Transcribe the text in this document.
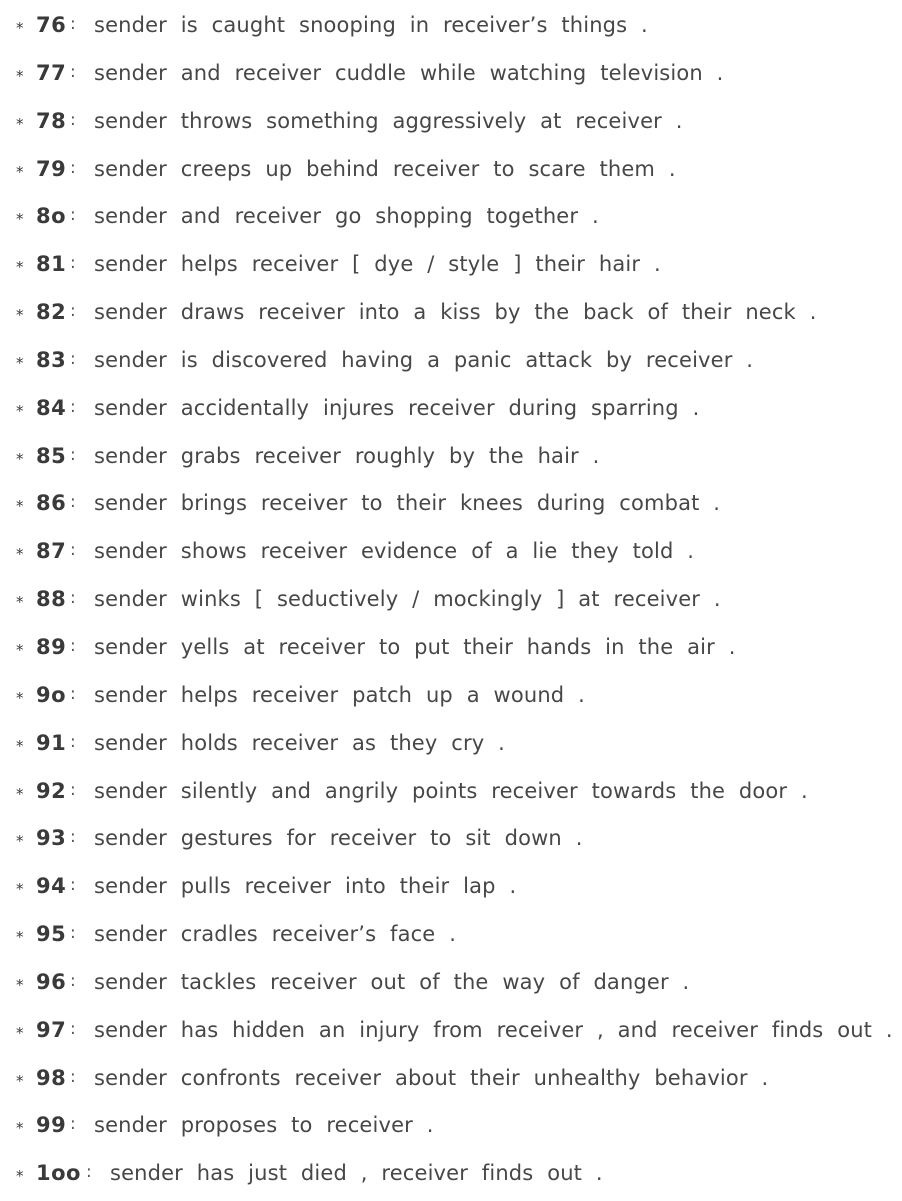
* 76 : sender is caught snooping in receiver’s things .
* 77 : sender and receiver cuddle while watching television .
* 78 : sender throws something aggressively at receiver .
* 79 : sender creeps up behind receiver to scare them .
* 8o : sender and receiver go shopping together .
* 81 : sender helps receiver [ dye / style ] their hair .
* 82 : sender draws receiver into a kiss by the back of their neck .
* 83 : sender is discovered having a panic attack by receiver .
* 84 : sender accidentally injures receiver during sparring .
* 85 : sender grabs receiver roughly by the hair .
* 86 : sender brings receiver to their knees during combat .
* 87 : sender shows receiver evidence of a lie they told .
* 88 : sender winks [ seductively / mockingly ] at receiver .
* 89 : sender yells at receiver to put their hands in the air .
* 9o : sender helps receiver patch up a wound .
* 91 : sender holds receiver as they cry .
* 92 : sender silently and angrily points receiver towards the door .
* 93 : sender gestures for receiver to sit down .
* 94 : sender pulls receiver into their lap .
* 95 : sender cradles receiver’s face .
* 96 : sender tackles receiver out of the way of danger .
* 97 : sender has hidden an injury from receiver , and receiver finds out .
* 98 : sender confronts receiver about their unhealthy behavior .
* 99 : sender proposes to receiver .
* 1oo : sender has just died , receiver finds out .
